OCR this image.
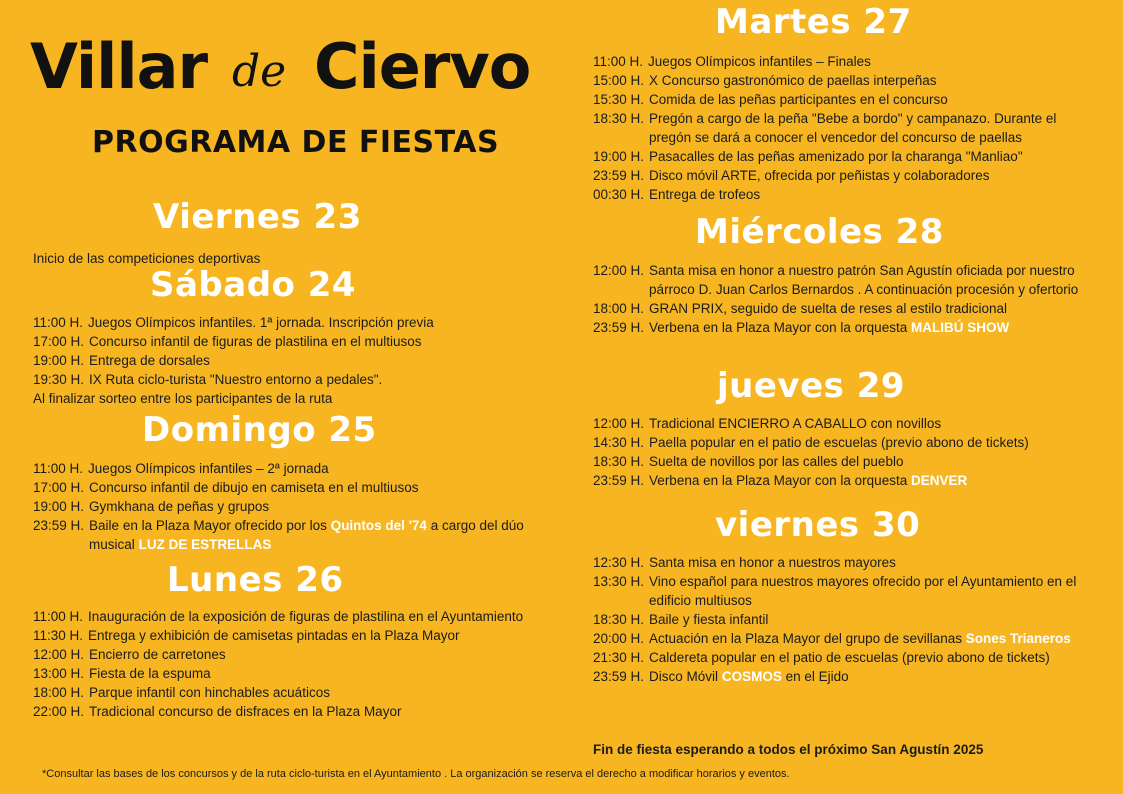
Villar de Ciervo
PROGRAMA DE FIESTAS
Viernes 23
Inicio de las competiciones deportivas
Sábado 24
11:00 H. Juegos Olímpicos infantiles. 1ª jornada. Inscripción previa
17:00 H. Concurso infantil de figuras de plastilina en el multiusos
19:00 H. Entrega de dorsales
19:30 H. IX Ruta ciclo-turista "Nuestro entorno a pedales".
Al finalizar sorteo entre los participantes de la ruta
Domingo 25
11:00 H. Juegos Olímpicos infantiles – 2ª jornada
17:00 H. Concurso infantil de dibujo en camiseta en el multiusos
19:00 H. Gymkhana de peñas y grupos
23:59 H. Baile en la Plaza Mayor ofrecido por los Quintos del '74 a cargo del dúo musical LUZ DE ESTRELLAS
Lunes 26
11:00 H. Inauguración de la exposición de figuras de plastilina en el Ayuntamiento
11:30 H. Entrega y exhibición de camisetas pintadas en la Plaza Mayor
12:00 H. Encierro de carretones
13:00 H. Fiesta de la espuma
18:00 H. Parque infantil con hinchables acuáticos
22:00 H. Tradicional concurso de disfraces en la Plaza Mayor
Martes 27
11:00 H. Juegos Olímpicos infantiles – Finales
15:00 H. X Concurso gastronómico de paellas interpeñas
15:30 H. Comida de las peñas participantes en el concurso
18:30 H. Pregón a cargo de la peña "Bebe a bordo" y campanazo. Durante el pregón se dará a conocer el vencedor del concurso de paellas
19:00 H. Pasacalles de las peñas amenizado por la charanga "Manliao"
23:59 H. Disco móvil ARTE, ofrecida por peñistas y colaboradores
00:30 H. Entrega de trofeos
Miércoles 28
12:00 H. Santa misa en honor a nuestro patrón San Agustín oficiada por nuestro párroco D. Juan Carlos Bernardos . A continuación procesión y ofertorio
18:00 H. GRAN PRIX, seguido de suelta de reses al estilo tradicional
23:59 H. Verbena en la Plaza Mayor con la orquesta MALIBÚ SHOW
jueves 29
12:00 H. Tradicional ENCIERRO A CABALLO con novillos
14:30 H. Paella popular en el patio de escuelas (previo abono de tickets)
18:30 H. Suelta de novillos por las calles del pueblo
23:59 H. Verbena en la Plaza Mayor con la orquesta DENVER
viernes 30
12:30 H. Santa misa en honor a nuestros mayores
13:30 H. Vino español para nuestros mayores ofrecido por el Ayuntamiento en el edificio multiusos
18:30 H. Baile y fiesta infantil
20:00 H. Actuación en la Plaza Mayor del grupo de sevillanas Sones Trianeros
21:30 H. Caldereta popular en el patio de escuelas (previo abono de tickets)
23:59 H. Disco Móvil COSMOS en el Ejido
Fin de fiesta esperando a todos el próximo San Agustín 2025
*Consultar las bases de los concursos y de la ruta ciclo-turista en el Ayuntamiento . La organización se reserva el derecho a modificar horarios y eventos.
